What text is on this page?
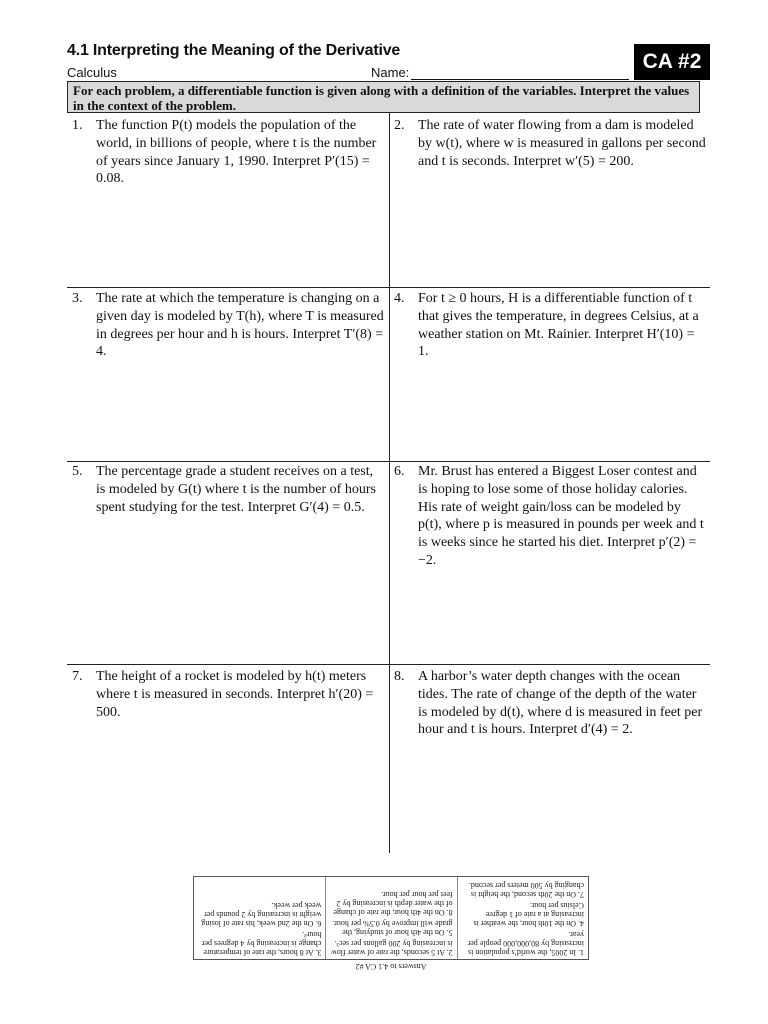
4.1 Interpreting the Meaning of the Derivative
Calculus	Name:	CA #2
For each problem, a differentiable function is given along with a definition of the variables. Interpret the values in the context of the problem.
1. The function P(t) models the population of the world, in billions of people, where t is the number of years since January 1, 1990. Interpret P′(15) = 0.08.
2. The rate of water flowing from a dam is modeled by w(t), where w is measured in gallons per second and t is seconds. Interpret w′(5) = 200.
3. The rate at which the temperature is changing on a given day is modeled by T(h), where T is measured in degrees per hour and h is hours. Interpret T′(8) = 4.
4. For t ≥ 0 hours, H is a differentiable function of t that gives the temperature, in degrees Celsius, at a weather station on Mt. Rainier. Interpret H′(10) = 1.
5. The percentage grade a student receives on a test, is modeled by G(t) where t is the number of hours spent studying for the test. Interpret G′(4) = 0.5.
6. Mr. Brust has entered a Biggest Loser contest and is hoping to lose some of those holiday calories. His rate of weight gain/loss can be modeled by p(t), where p is measured in pounds per week and t is weeks since he started his diet. Interpret p′(2) = −2.
7. The height of a rocket is modeled by h(t) meters where t is measured in seconds. Interpret h′(20) = 500.
8. A harbor’s water depth changes with the ocean tides. The rate of change of the depth of the water is modeled by d(t), where d is measured in feet per hour and t is hours. Interpret d′(4) = 2.
1. In 2005, the world’s population is increasing by 80,000,000 people per year.
4. On the 10th hour, the weather is increasing at a rate of 1 degree Celsius per hour.
7. On the 20th second, the height is changing by 500 meters per second.
2. At 5 seconds, the rate of water flow is increasing by 200 gallons per sec².
5. On the 4th hour of studying, the grade will improve by 0.5% per hour.
8. On the 4th hour, the rate of change of the water depth is increasing by 2 feet per hour per hour.
3. At 8 hours, the rate of temperature change is increasing by 4 degrees per hour².
6. On the 2nd week, his rate of losing weight is increasing by 2 pounds per week per week.
Answers to 4.1 CA #2
